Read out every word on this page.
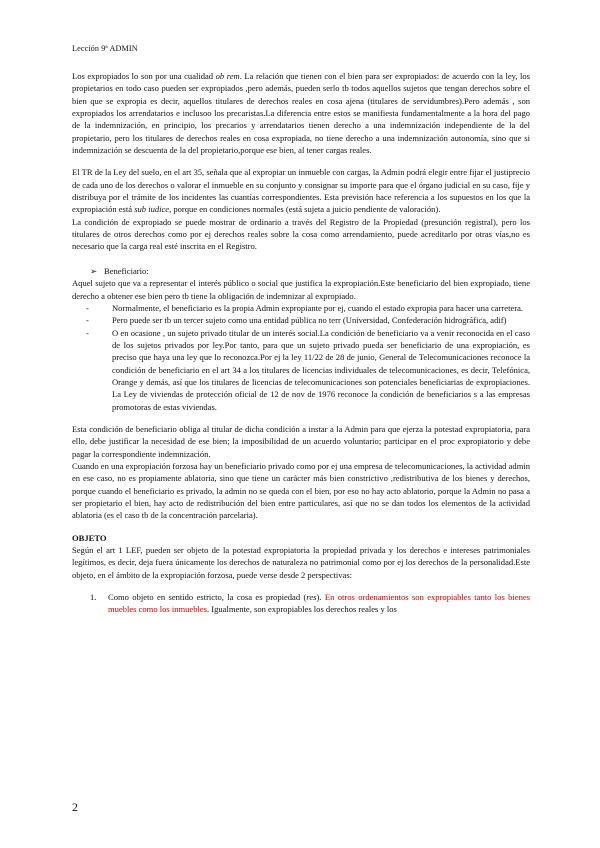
Lección 9ª ADMIN

Los expropiados lo son por una cualidad ob rem. La relación que tienen con el bien para ser expropiados: de acuerdo con la ley, los propietarios en todo caso pueden ser expropiados ,pero además, pueden serlo tb todos aquellos sujetos que tengan derechos sobre el bien que se expropia es decir, aquellos titulares de derechos reales en cosa ajena (titulares de servidumbres).Pero además , son expropiados los arrendatarios e inclusoo los precaristas.La diferencia entre estos se manifiesta fundamentalmente a la hora del pago de la indemnización, en principio, los precarios y arrendatarios tienen derecho a una indemnización independiente de la del propietario, pero los titulares de derechos reales en cosa expropiada, no tiene derecho a una indemnización autonomía, sino que si indemnización se descuenta de la del propietario,porque ese bien, al tener cargas reales.

El TR de la Ley del suelo, en el art 35, señala que al expropiar un inmueble con cargas, la Admin podrá elegir entre fijar el justiprecio de cada uno de los derechos o valorar el inmueble en su conjunto y consignar su importe para que el órgano judicial en su caso, fije y distribuya por el trámite de los incidentes las cuantías correspondientes. Esta previsión hace referencia a los supuestos en los que la expropiación está sub iudice, porque en condiciones normales (está sujeta a juicio pendiente de valoración).

La condición de expropiado se puede mostrar de ordinario a través del Registro de la Propiedad (presunción registral), pero los titulares de otros derechos como por ej derechos reales sobre la cosa como arrendamiento, puede acreditarlo por otras vías,no es necesario que la carga real esté inscrita en el Registro.

➢ Beneficiario:

Aquel sujeto que va a representar el interés público o social que justifica la expropiación.Este beneficiario del bien expropiado, tiene derecho a obtener ese bien pero tb tiene la obligación de indemnizar al expropiado.

-	Normalmente, el beneficiario es la propia Admin expropiante por ej, cuando el estado expropia para hacer una carretera.
-	Pero puede ser tb un tercer sujeto como una entidad pública no terr (Universidad, Confederación hidrográfica, adif)
-	O en ocasione , un sujeto privado titular de un interés social.La condición de beneficiario va a venir reconocida en el caso de los sujetos privados por ley.Por tanto, para que un sujeto privado pueda ser beneficiario de una expropiación, es preciso que haya una ley que lo reconozca.Por ej la ley 11/22 de 28 de junio, General de Telecomunicaciones reconoce la condición de beneficiario en el art 34 a los titulares de licencias individuales de telecomunicaciones, es decir, Telefónica, Orange y demás, así que los titulares de licencias de telecomunicaciones son potenciales beneficiarias de expropiaciones. La Ley de viviendas de protección oficial de 12 de nov de 1976 reconoce la condición de beneficiarios s a las empresas promotoras de estas viviendas.

Esta condición de beneficiario obliga al titular de dicha condición a instar a la Admin para que ejerza la potestad expropiatoria, para ello, debe justificar la necesidad de ese bien; la imposibilidad de un acuerdo voluntario; participar en el proc expropiatorio y debe pagar la correspondiente indemnización.

Cuando en una expropiación forzosa hay un beneficiario privado como por ej una empresa de telecomunicaciones, la actividad admin en ese caso, no es propiamente ablatoria, sino que tiene un carácter más bien constrictivo ,redistributiva de los bienes y derechos, porque cuando el beneficiario es privado, la admin no se queda con el bien, por eso no hay acto ablatorio, porque la Admin no pasa a ser propietario el bien, hay acto de redistribución del bien entre particulares, así que no se dan todos los elementos de la actividad ablatoria (es el caso tb de la concentración parcelaria).

OBJETO

Según el art 1 LEF, pueden ser objeto de la potestad expropiatoria la propiedad privada y los derechos e intereses patrimoniales legítimos, es decir, deja fuera únicamente los derechos de naturaleza no patrimonial como por ej los derechos de la personalidad.Este objeto, en el ámbito de la expropiación forzosa, puede verse desde 2 perspectivas:

1.	Como objeto en sentido estricto, la cosa es propiedad (res). En otros ordenamientos son expropiables tanto los bienes muebles como los inmuebles. Igualmente, son expropiables los derechos reales y los
2
